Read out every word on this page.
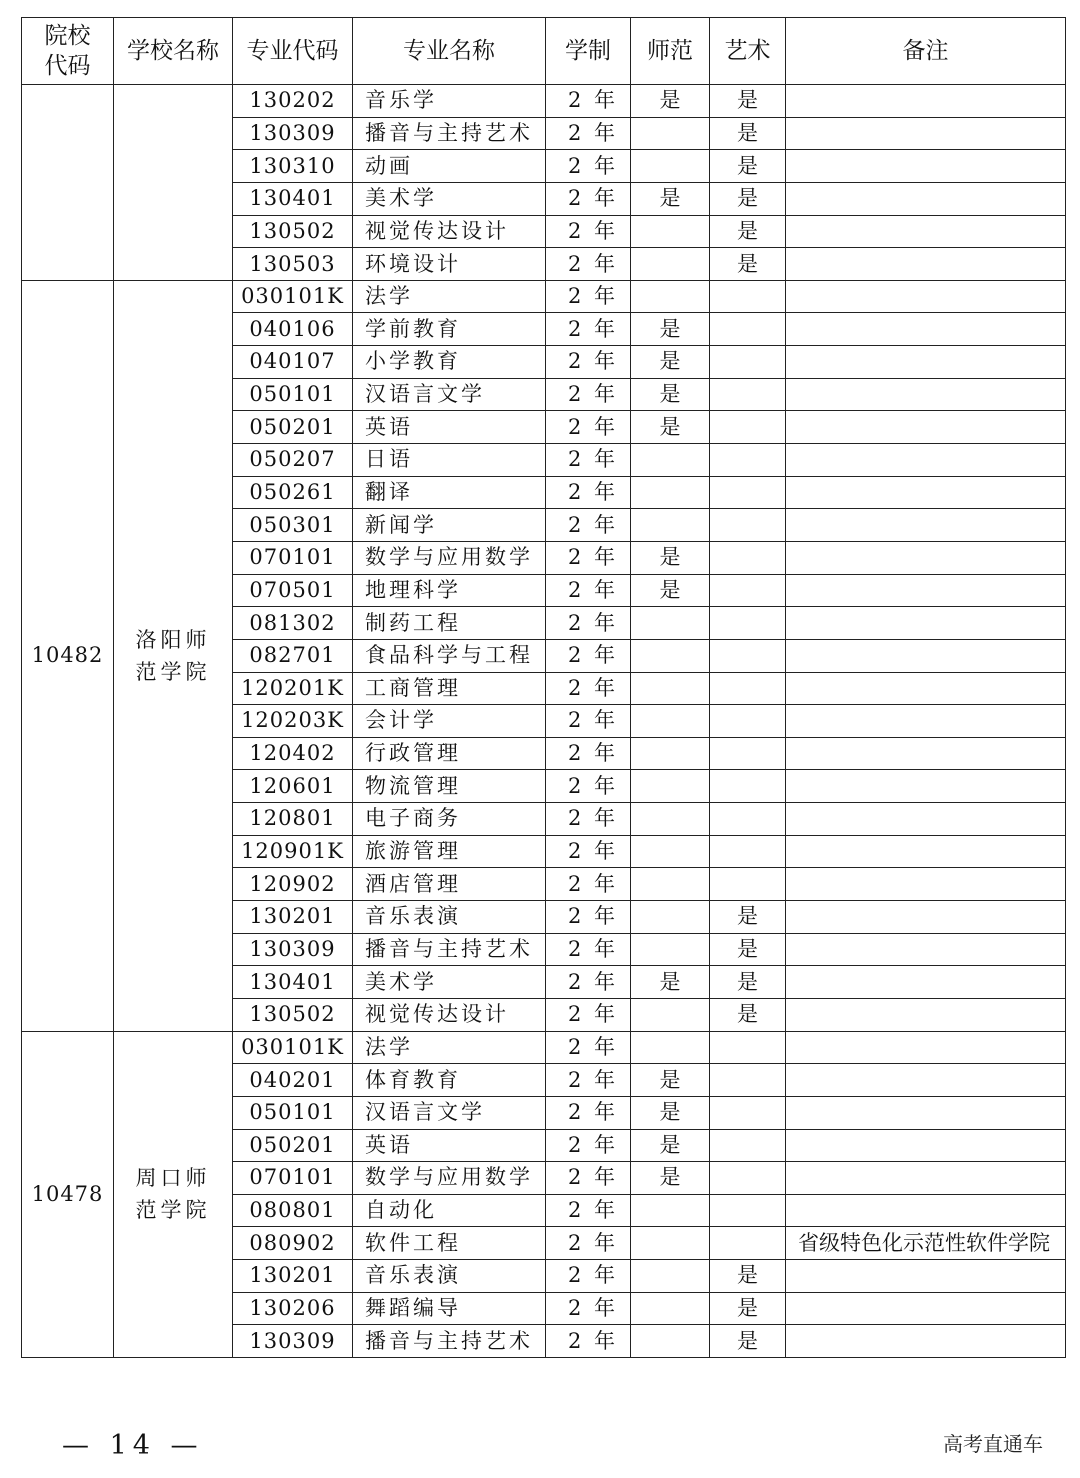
院校代码	学校名称	专业代码	专业名称	学制	师范	艺术	备注
		130202	音乐学	2 年	是	是	
		130309	播音与主持艺术	2 年		是	
		130310	动画	2 年		是	
		130401	美术学	2 年	是	是	
		130502	视觉传达设计	2 年		是	
		130503	环境设计	2 年		是	
10482	洛阳师范学院	030101K	法学	2 年			
		040106	学前教育	2 年	是		
		040107	小学教育	2 年	是		
		050101	汉语言文学	2 年	是		
		050201	英语	2 年	是		
		050207	日语	2 年			
		050261	翻译	2 年			
		050301	新闻学	2 年			
		070101	数学与应用数学	2 年	是		
		070501	地理科学	2 年	是		
		081302	制药工程	2 年			
		082701	食品科学与工程	2 年			
		120201K	工商管理	2 年			
		120203K	会计学	2 年			
		120402	行政管理	2 年			
		120601	物流管理	2 年			
		120801	电子商务	2 年			
		120901K	旅游管理	2 年			
		120902	酒店管理	2 年			
		130201	音乐表演	2 年		是	
		130309	播音与主持艺术	2 年		是	
		130401	美术学	2 年	是	是	
		130502	视觉传达设计	2 年		是	
10478	周口师范学院	030101K	法学	2 年			
		040201	体育教育	2 年	是		
		050101	汉语言文学	2 年	是		
		050201	英语	2 年	是		
		070101	数学与应用数学	2 年	是		
		080801	自动化	2 年			
		080902	软件工程	2 年			省级特色化示范性软件学院
		130201	音乐表演	2 年		是	
		130206	舞蹈编导	2 年		是	
		130309	播音与主持艺术	2 年		是	
— 14 —	高考直通车
